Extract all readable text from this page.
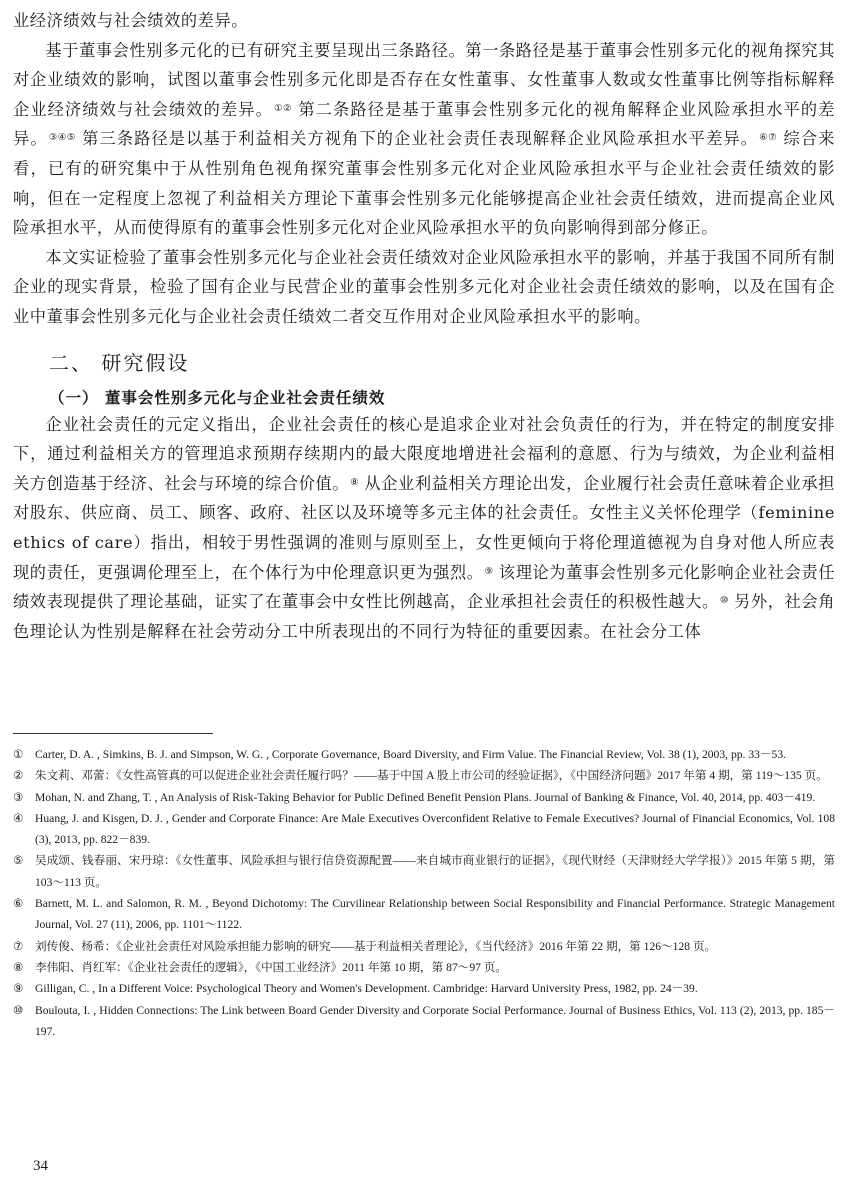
业经济绩效与社会绩效的差异。

基于董事会性别多元化的已有研究主要呈现出三条路径。第一条路径是基于董事会性别多元化的视角探究其对企业绩效的影响，试图以董事会性别多元化即是否存在女性董事、女性董事人数或女性董事比例等指标解释企业经济绩效与社会绩效的差异。①② 第二条路径是基于董事会性别多元化的视角解释企业风险承担水平的差异。③④⑤ 第三条路径是以基于利益相关方视角下的企业社会责任表现解释企业风险承担水平差异。⑥⑦ 综合来看，已有的研究集中于从性别角色视角探究董事会性别多元化对企业风险承担水平与企业社会责任绩效的影响，但在一定程度上忽视了利益相关方理论下董事会性别多元化能够提高企业社会责任绩效，进而提高企业风险承担水平，从而使得原有的董事会性别多元化对企业风险承担水平的负向影响得到部分修正。

本文实证检验了董事会性别多元化与企业社会责任绩效对企业风险承担水平的影响，并基于我国不同所有制企业的现实背景，检验了国有企业与民营企业的董事会性别多元化对企业社会责任绩效的影响，以及在国有企业中董事会性别多元化与企业社会责任绩效二者交互作用对企业风险承担水平的影响。

二、 研究假设
（一） 董事会性别多元化与企业社会责任绩效

企业社会责任的元定义指出，企业社会责任的核心是追求企业对社会负责任的行为，并在特定的制度安排下，通过利益相关方的管理追求预期存续期内的最大限度地增进社会福利的意愿、行为与绩效，为企业利益相关方创造基于经济、社会与环境的综合价值。⑧ 从企业利益相关方理论出发，企业履行社会责任意味着企业承担对股东、供应商、员工、顾客、政府、社区以及环境等多元主体的社会责任。女性主义关怀伦理学（feminine ethics of care）指出，相较于男性强调的准则与原则至上，女性更倾向于将伦理道德视为自身对他人所应表现的责任，更强调伦理至上，在个体行为中伦理意识更为强烈。⑨ 该理论为董事会性别多元化影响企业社会责任绩效表现提供了理论基础，证实了在董事会中女性比例越高，企业承担社会责任的积极性越大。⑩ 另外，社会角色理论认为性别是解释在社会劳动分工中所表现出的不同行为特征的重要因素。在社会分工体

① Carter, D. A. , Simkins, B. J. and Simpson, W. G. , Corporate Governance, Board Diversity, and Firm Value. The Financial Review, Vol. 38 (1), 2003, pp. 33－53.
② 朱文莉、邓蕾：《女性高管真的可以促进企业社会责任履行吗？——基于中国 A 股上市公司的经验证据》，《中国经济问题》2017 年第 4 期，第 119～135 页。
③ Mohan, N. and Zhang, T. , An Analysis of Risk-Taking Behavior for Public Defined Benefit Pension Plans. Journal of Banking & Finance, Vol. 40, 2014, pp. 403－419.
④ Huang, J. and Kisgen, D. J. , Gender and Corporate Finance: Are Male Executives Overconfident Relative to Female Executives? Journal of Financial Economics, Vol. 108 (3), 2013, pp. 822－839.
⑤ 吴成颂、钱春丽、宋丹琼：《女性董事、风险承担与银行信贷资源配置——来自城市商业银行的证据》，《现代财经（天津财经大学学报）》2015 年第 5 期，第 103～113 页。
⑥ Barnett, M. L. and Salomon, R. M. , Beyond Dichotomy: The Curvilinear Relationship between Social Responsibility and Financial Performance. Strategic Management Journal, Vol. 27 (11), 2006, pp. 1101～1122.
⑦ 刘传俊、杨希：《企业社会责任对风险承担能力影响的研究——基于利益相关者理论》，《当代经济》2016 年第 22 期，第 126～128 页。
⑧ 李伟阳、肖红军：《企业社会责任的逻辑》，《中国工业经济》2011 年第 10 期，第 87～97 页。
⑨ Gilligan, C. , In a Different Voice: Psychological Theory and Women's Development. Cambridge: Harvard University Press, 1982, pp. 24－39.
⑩ Boulouta, I. , Hidden Connections: The Link between Board Gender Diversity and Corporate Social Performance. Journal of Business Ethics, Vol. 113 (2), 2013, pp. 185－197.
34
